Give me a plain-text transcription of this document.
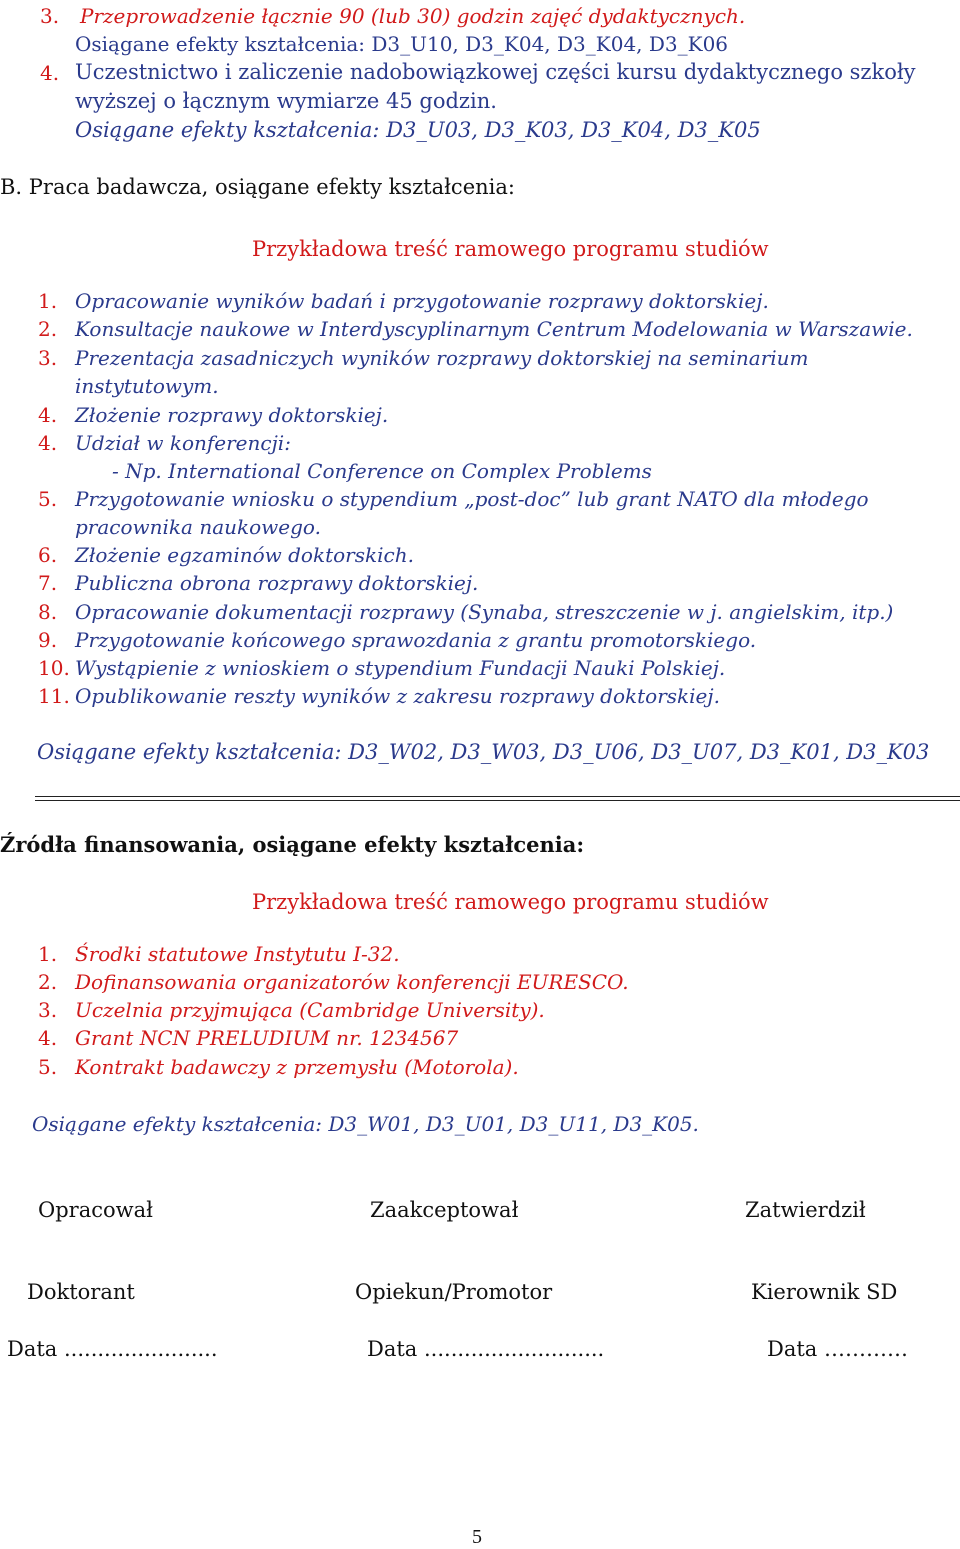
3. Przeprowadzenie łącznie 90 (lub 30) godzin zajęć dydaktycznych.
Osiągane efekty kształcenia: D3_U10, D3_K04, D3_K04, D3_K06
4. Uczestnictwo i zaliczenie nadobowiązkowej części kursu dydaktycznego szkoły
wyższej o łącznym wymiarze 45 godzin.
Osiągane efekty kształcenia: D3_U03, D3_K03, D3_K04, D3_K05
B. Praca badawcza, osiągane efekty kształcenia:
Przykładowa treść ramowego programu studiów
1. Opracowanie wyników badań i przygotowanie rozprawy doktorskiej.
2. Konsultacje naukowe w Interdyscyplinarnym Centrum Modelowania w Warszawie.
3. Prezentacja zasadniczych wyników rozprawy doktorskiej na seminarium
instytutowym.
4. Złożenie rozprawy doktorskiej.
4. Udział w konferencji:
- Np. International Conference on Complex Problems
5. Przygotowanie wniosku o stypendium „post-doc” lub grant NATO dla młodego
pracownika naukowego.
6. Złożenie egzaminów doktorskich.
7. Publiczna obrona rozprawy doktorskiej.
8. Opracowanie dokumentacji rozprawy (Synaba, streszczenie w j. angielskim, itp.)
9. Przygotowanie końcowego sprawozdania z grantu promotorskiego.
10. Wystąpienie z wnioskiem o stypendium Fundacji Nauki Polskiej.
11. Opublikowanie reszty wyników z zakresu rozprawy doktorskiej.
Osiągane efekty kształcenia: D3_W02, D3_W03, D3_U06, D3_U07, D3_K01, D3_K03
Źródła finansowania, osiągane efekty kształcenia:
Przykładowa treść ramowego programu studiów
1. Środki statutowe Instytutu I-32.
2. Dofinansowania organizatorów konferencji EURESCO.
3. Uczelnia przyjmująca (Cambridge University).
4. Grant NCN PRELUDIUM nr. 1234567
5. Kontrakt badawczy z przemysłu (Motorola).
Osiągane efekty kształcenia: D3_W01, D3_U01, D3_U11, D3_K05.
Opracował	Zaakceptował	Zatwierdził
Doktorant	Opiekun/Promotor	Kierownik SD
Data .......................	Data ...........................	Data …………
5
